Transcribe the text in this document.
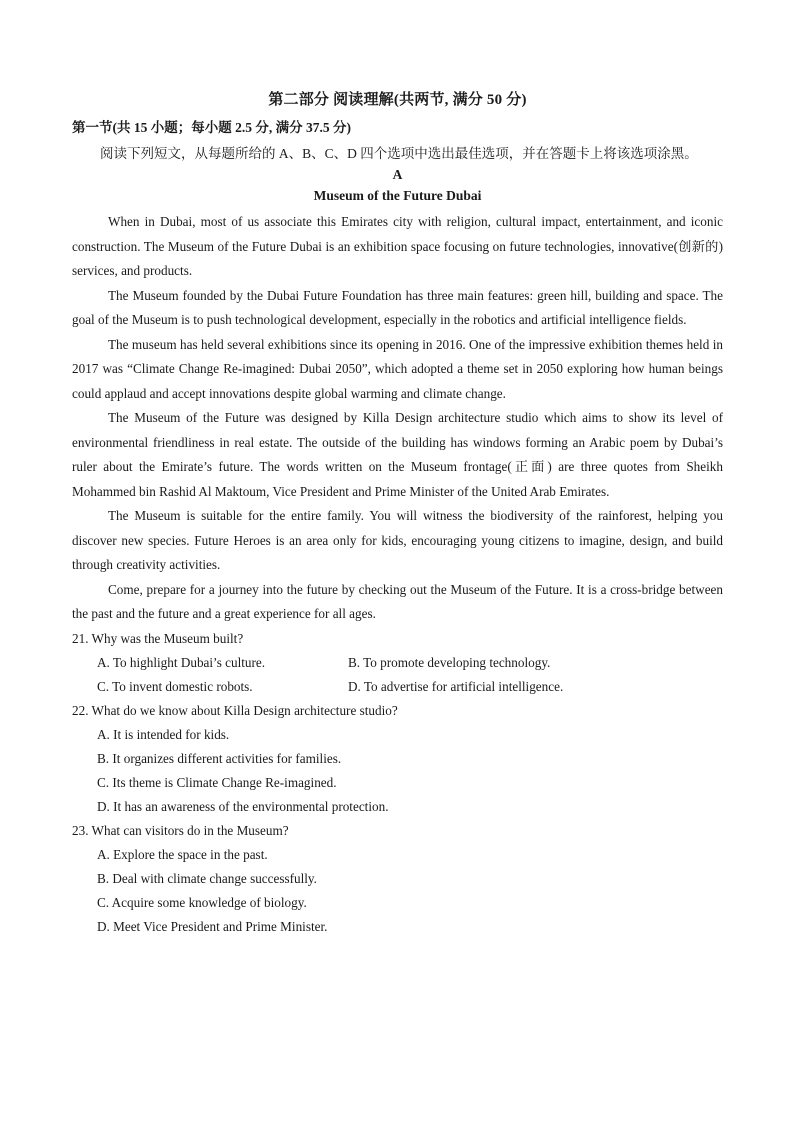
第二部分 阅读理解(共两节, 满分 50 分)
第一节(共 15 小题；每小题 2.5 分, 满分 37.5 分)
阅读下列短文，从每题所给的 A、B、C、D 四个选项中选出最佳选项，并在答题卡上将该选项涂黑。
A
Museum of the Future Dubai

When in Dubai, most of us associate this Emirates city with religion, cultural impact, entertainment, and iconic construction. The Museum of the Future Dubai is an exhibition space focusing on future technologies, innovative(创新的) services, and products.

The Museum founded by the Dubai Future Foundation has three main features: green hill, building and space. The goal of the Museum is to push technological development, especially in the robotics and artificial intelligence fields.

The museum has held several exhibitions since its opening in 2016. One of the impressive exhibition themes held in 2017 was “Climate Change Re-imagined: Dubai 2050”, which adopted a theme set in 2050 exploring how human beings could applaud and accept innovations despite global warming and climate change.

The Museum of the Future was designed by Killa Design architecture studio which aims to show its level of environmental friendliness in real estate. The outside of the building has windows forming an Arabic poem by Dubai’s ruler about the Emirate’s future. The words written on the Museum frontage(正面) are three quotes from Sheikh Mohammed bin Rashid Al Maktoum, Vice President and Prime Minister of the United Arab Emirates.

The Museum is suitable for the entire family. You will witness the biodiversity of the rainforest, helping you discover new species. Future Heroes is an area only for kids, encouraging young citizens to imagine, design, and build through creativity activities.

Come, prepare for a journey into the future by checking out the Museum of the Future. It is a cross-bridge between the past and the future and a great experience for all ages.

21. Why was the Museum built?
A. To highlight Dubai’s culture.	B. To promote developing technology.
C. To invent domestic robots.	D. To advertise for artificial intelligence.
22. What do we know about Killa Design architecture studio?
A. It is intended for kids.
B. It organizes different activities for families.
C. Its theme is Climate Change Re-imagined.
D. It has an awareness of the environmental protection.
23. What can visitors do in the Museum?
A. Explore the space in the past.
B. Deal with climate change successfully.
C. Acquire some knowledge of biology.
D. Meet Vice President and Prime Minister.
